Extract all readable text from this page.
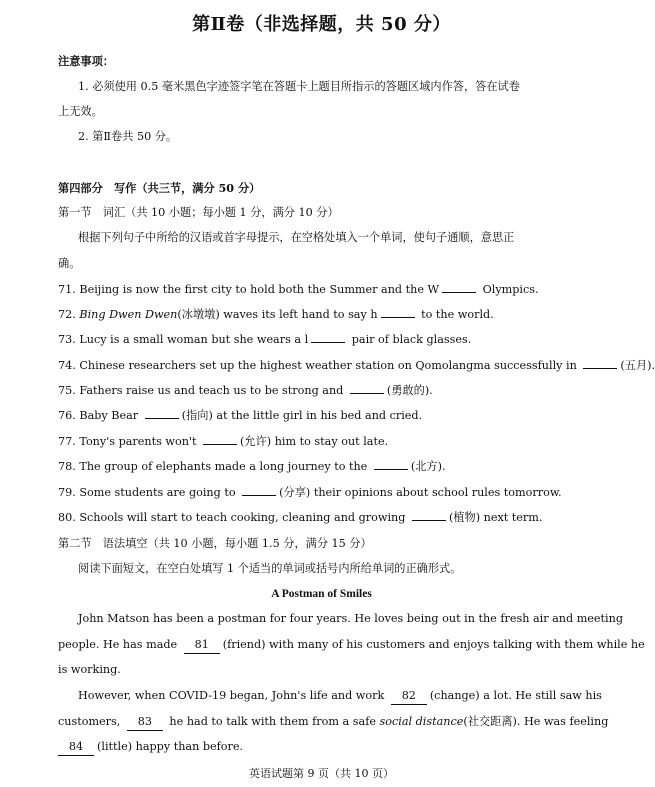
第Ⅱ卷（非选择题，共 50 分）
注意事项：
1. 必须使用 0.5 毫米黑色字迹签字笔在答题卡上题目所指示的答题区域内作答，答在试卷
上无效。
2. 第Ⅱ卷共 50 分。
第四部分　写作（共三节，满分 50 分）
第一节　词汇（共 10 小题；每小题 1 分，满分 10 分）
根据下列句子中所给的汉语或首字母提示，在空格处填入一个单词，使句子通顺，意思正
确。
71. Beijing is now the first city to hold both the Summer and the W	Olympics.
72. Bing Dwen Dwen(冰墩墩) waves its left hand to say h	to the world.
73. Lucy is a small woman but she wears a l	pair of black glasses.
74. Chinese researchers set up the highest weather station on Qomolangma successfully in	(五月).
75. Fathers raise us and teach us to be strong and	(勇敢的).
76. Baby Bear	(指向) at the little girl in his bed and cried.
77. Tony's parents won't	(允许) him to stay out late.
78. The group of elephants made a long journey to the	(北方).
79. Some students are going to	(分享) their opinions about school rules tomorrow.
80. Schools will start to teach cooking, cleaning and growing	(植物) next term.
第二节　语法填空（共 10 小题，每小题 1.5 分，满分 15 分）
阅读下面短文，在空白处填写 1 个适当的单词或括号内所给单词的正确形式。
A Postman of Smiles
John Matson has been a postman for four years. He loves being out in the fresh air and meeting
people. He has made 81 (friend) with many of his customers and enjoys talking with them while he
is working.
However, when COVID-19 began, John's life and work 82 (change) a lot. He still saw his
customers, 83 he had to talk with them from a safe social distance(社交距离). He was feeling
84 (little) happy than before.
英语试题第 9 页（共 10 页）
